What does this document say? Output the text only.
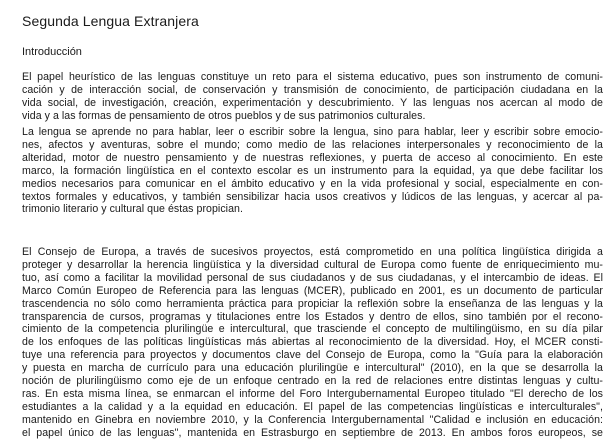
Segunda Lengua Extranjera
Introducción
El papel heurístico de las lenguas constituye un reto para el sistema educativo, pues son instrumento de comuni-
cación y de interacción social, de conservación y transmisión de conocimiento, de participación ciudadana en la
vida social, de investigación, creación, experimentación y descubrimiento. Y las lenguas nos acercan al modo de
vida y a las formas de pensamiento de otros pueblos y de sus patrimonios culturales.
La lengua se aprende no para hablar, leer o escribir sobre la lengua, sino para hablar, leer y escribir sobre emocio-
nes, afectos y aventuras, sobre el mundo; como medio de las relaciones interpersonales y reconocimiento de la
alteridad, motor de nuestro pensamiento y de nuestras reflexiones, y puerta de acceso al conocimiento. En este
marco, la formación lingüística en el contexto escolar es un instrumento para la equidad, ya que debe facilitar los
medios necesarios para comunicar en el ámbito educativo y en la vida profesional y social, especialmente en con-
textos formales y educativos, y también sensibilizar hacia usos creativos y lúdicos de las lenguas, y acercar al pa-
trimonio literario y cultural que éstas propician.
El Consejo de Europa, a través de sucesivos proyectos, está comprometido en una política lingüística dirigida a
proteger y desarrollar la herencia lingüística y la diversidad cultural de Europa como fuente de enriquecimiento mu-
tuo, así como a facilitar la movilidad personal de sus ciudadanos y de sus ciudadanas, y el intercambio de ideas. El
Marco Común Europeo de Referencia para las lenguas (MCER), publicado en 2001, es un documento de particular
trascendencia no sólo como herramienta práctica para propiciar la reflexión sobre la enseñanza de las lenguas y la
transparencia de cursos, programas y titulaciones entre los Estados y dentro de ellos, sino también por el recono-
cimiento de la competencia plurilingüe e intercultural, que trasciende el concepto de multilingüismo, en su día pilar
de los enfoques de las políticas lingüísticas más abiertas al reconocimiento de la diversidad. Hoy, el MCER consti-
tuye una referencia para proyectos y documentos clave del Consejo de Europa, como la "Guía para la elaboración
y puesta en marcha de currículo para una educación plurilingüe e intercultural" (2010), en la que se desarrolla la
noción de plurilingüismo como eje de un enfoque centrado en la red de relaciones entre distintas lenguas y cultu-
ras. En esta misma línea, se enmarcan el informe del Foro Intergubernamental Europeo titulado "El derecho de los
estudiantes a la calidad y a la equidad en educación. El papel de las competencias lingüísticas e interculturales",
mantenido en Ginebra en noviembre 2010, y la Conferencia Intergubernamental "Calidad e inclusión en educación:
el papel único de las lenguas", mantenida en Estrasburgo en septiembre de 2013. En ambos foros europeos, se
